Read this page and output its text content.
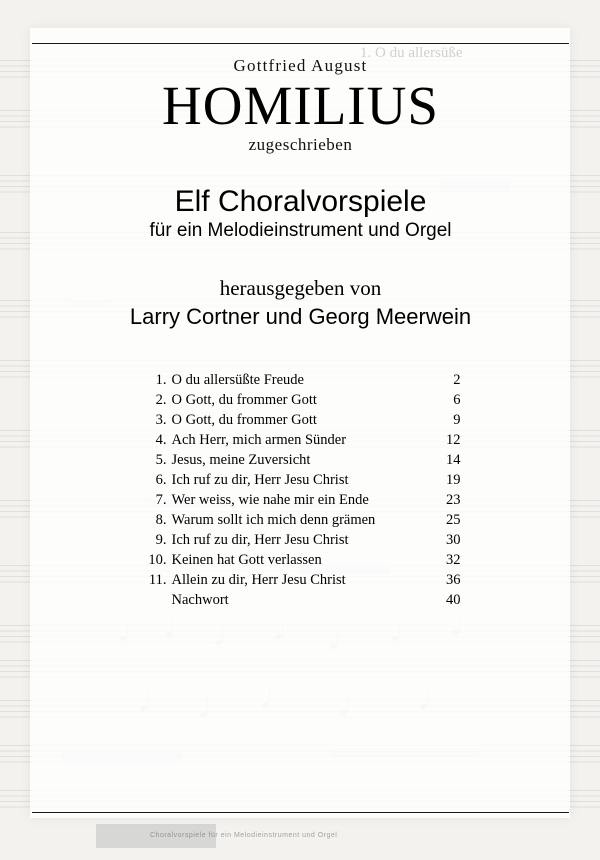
1. O du allersüße
Gottfried August
HOMILIUS
zugeschrieben
Elf Choralvorspiele
für ein Melodieinstrument und Orgel
herausgegeben von
Larry Cortner und Georg Meerwein
1. O du allersüßte Freude	2
2. O Gott, du frommer Gott	6
3. O Gott, du frommer Gott	9
4. Ach Herr, mich armen Sünder	12
5. Jesus, meine Zuversicht	14
6. Ich ruf zu dir, Herr Jesu Christ	19
7. Wer weiss, wie nahe mir ein Ende	23
8. Warum sollt ich mich denn grämen	25
9. Ich ruf zu dir, Herr Jesu Christ	30
10. Keinen hat Gott verlassen	32
11. Allein zu dir, Herr Jesu Christ	36
Nachwort	40
Choralvorspiele für ein Melodieinstrument und Orgel
